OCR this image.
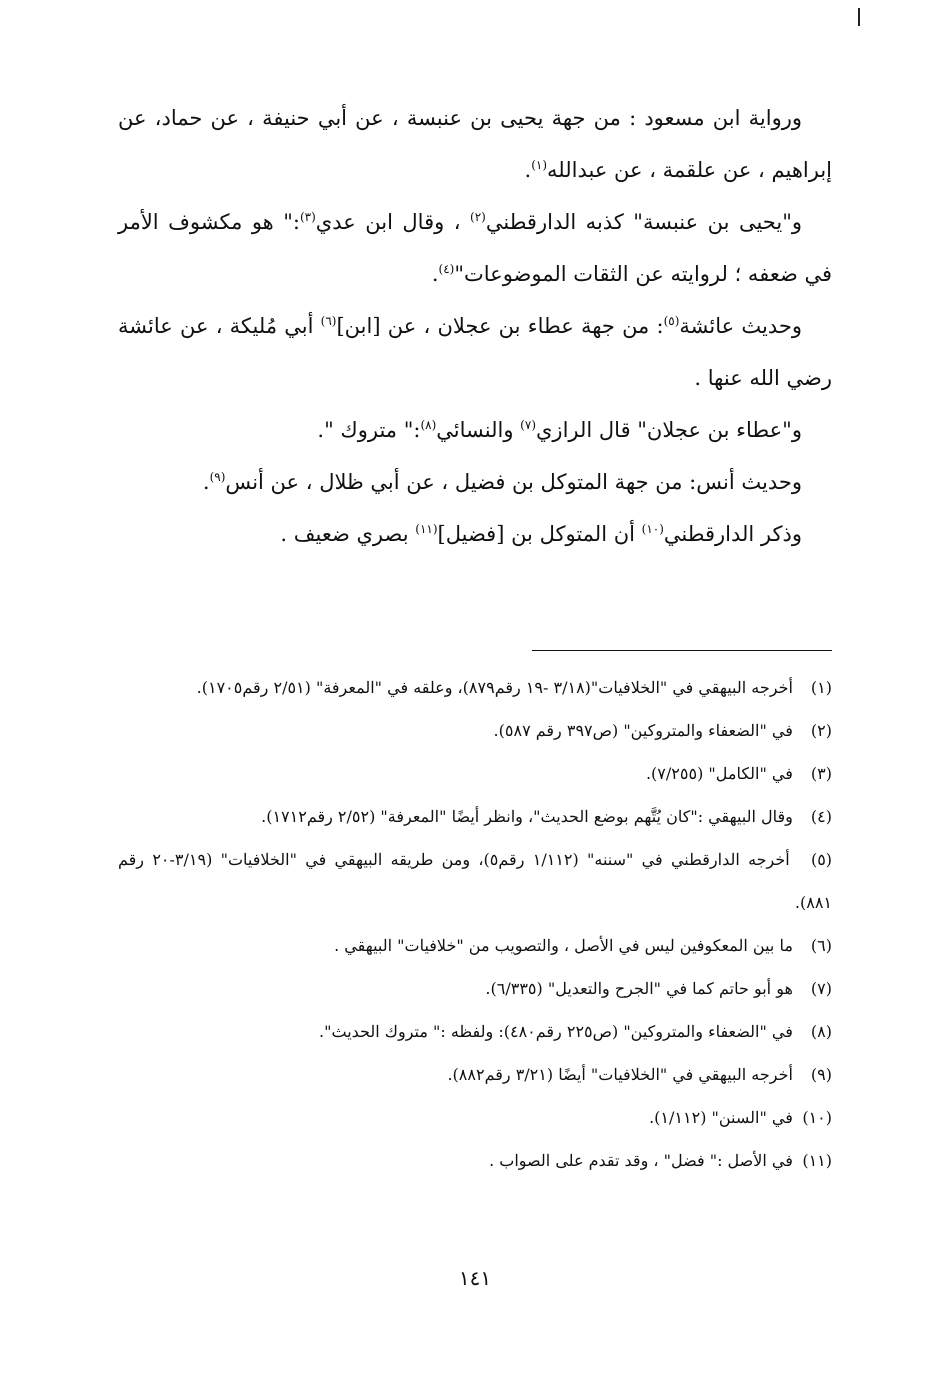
ورواية ابن مسعود : من جهة يحيى بن عنبسة ، عن أبي حنيفة ، عن حماد، عن إبراهيم ، عن علقمة ، عن عبدالله$^{(١)}$.

و"يحيى بن عنبسة" كذبه الدارقطني$^{(٢)}$ ، وقال ابن عدي$^{(٣)}$:" هو مكشوف الأمر في ضعفه ؛ لروايته عن الثقات الموضوعات"$^{(٤)}$.

وحديث عائشة$^{(٥)}$: من جهة عطاء بن عجلان ، عن [ابن]$^{(٦)}$ أبي مُليكة ، عن عائشة رضي الله عنها .

و"عطاء بن عجلان" قال الرازي$^{(٧)}$ والنسائي$^{(٨)}$:" متروك ".

وحديث أنس: من جهة المتوكل بن فضيل ، عن أبي ظلال ، عن أنس$^{(٩)}$.

وذكر الدارقطني$^{(١٠)}$ أن المتوكل بن [فضيل]$^{(١١)}$ بصري ضعيف .

(١) أخرجه البيهقي في "الخلافيات"(٣/١٨ -١٩ رقم٨٧٩)، وعلقه في "المعرفة" (٢/٥١ رقم١٧٠٥).

(٢) في "الضعفاء والمتروكين" (ص٣٩٧ رقم ٥٨٧).

(٣) في "الكامل" (٧/٢٥٥).

(٤) وقال البيهقي :"كان يُتَّهم بوضع الحديث"، وانظر أيضًا "المعرفة" (٢/٥٢ رقم١٧١٢).

(٥) أخرجه الدارقطني في "سننه" (١/١١٢ رقم٥)، ومن طريقه البيهقي في "الخلافيات" (٣/١٩-٢٠ رقم ٨٨١).

(٦) ما بين المعكوفين ليس في الأصل ، والتصويب من "خلافيات" البيهقي .

(٧) هو أبو حاتم كما في "الجرح والتعديل" (٦/٣٣٥).

(٨) في "الضعفاء والمتروكين" (ص٢٢٥ رقم٤٨٠): ولفظه :" متروك الحديث".

(٩) أخرجه البيهقي في "الخلافيات" أيضًا (٣/٢١ رقم٨٨٢).

(١٠) في "السنن" (١/١١٢).

(١١) في الأصل :" فضل" ، وقد تقدم على الصواب .

١٤١
